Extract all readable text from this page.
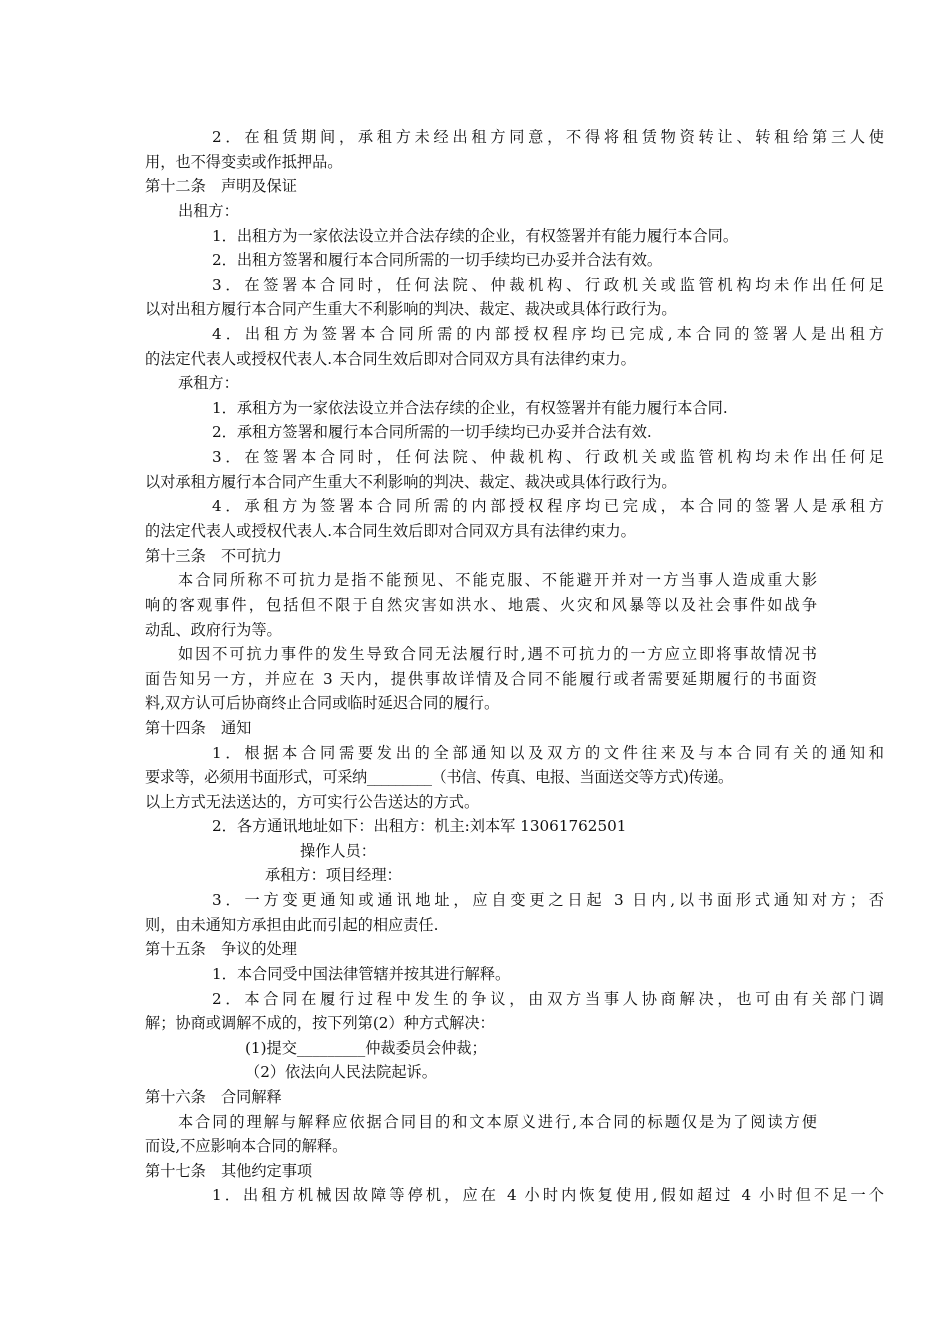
2．在租赁期间，承租方未经出租方同意，不得将租赁物资转让、转租给第三人使
用，也不得变卖或作抵押品。
第十二条　声明及保证
出租方：
1．出租方为一家依法设立并合法存续的企业，有权签署并有能力履行本合同。
2．出租方签署和履行本合同所需的一切手续均已办妥并合法有效。
3．在签署本合同时，任何法院、仲裁机构、行政机关或监管机构均未作出任何足
以对出租方履行本合同产生重大不利影响的判决、裁定、裁决或具体行政行为。
4．出租方为签署本合同所需的内部授权程序均已完成,本合同的签署人是出租方
的法定代表人或授权代表人.本合同生效后即对合同双方具有法律约束力。
承租方：
1．承租方为一家依法设立并合法存续的企业，有权签署并有能力履行本合同.
2．承租方签署和履行本合同所需的一切手续均已办妥并合法有效.
3．在签署本合同时，任何法院、仲裁机构、行政机关或监管机构均未作出任何足
以对承租方履行本合同产生重大不利影响的判决、裁定、裁决或具体行政行为。
4．承租方为签署本合同所需的内部授权程序均已完成，本合同的签署人是承租方
的法定代表人或授权代表人.本合同生效后即对合同双方具有法律约束力。
第十三条　不可抗力
本合同所称不可抗力是指不能预见、不能克服、不能避开并对一方当事人造成重大影
响的客观事件，包括但不限于自然灾害如洪水、地震、火灾和风暴等以及社会事件如战争
动乱、政府行为等。
如因不可抗力事件的发生导致合同无法履行时,遇不可抗力的一方应立即将事故情况书
面告知另一方，并应在 3 天内，提供事故详情及合同不能履行或者需要延期履行的书面资
料,双方认可后协商终止合同或临时延迟合同的履行。
第十四条　通知
1．根据本合同需要发出的全部通知以及双方的文件往来及与本合同有关的通知和
要求等，必须用书面形式，可采纳_________（书信、传真、电报、当面送交等方式)传递。
以上方式无法送达的，方可实行公告送达的方式。
2．各方通讯地址如下：出租方：机主:刘本军 13061762501
操作人员：
承租方：项目经理：
3．一方变更通知或通讯地址，应自变更之日起 3 日内,以书面形式通知对方；否
则，由未通知方承担由此而引起的相应责任.
第十五条　争议的处理
1．本合同受中国法律管辖并按其进行解释。
2．本合同在履行过程中发生的争议，由双方当事人协商解决，也可由有关部门调
解；协商或调解不成的，按下列第(2）种方式解决：
(1)提交_________仲裁委员会仲裁；
（2）依法向人民法院起诉。
第十六条　合同解释
本合同的理解与解释应依据合同目的和文本原义进行,本合同的标题仅是为了阅读方便
而设,不应影响本合同的解释。
第十七条　其他约定事项
1．出租方机械因故障等停机，应在 4 小时内恢复使用,假如超过 4 小时但不足一个
